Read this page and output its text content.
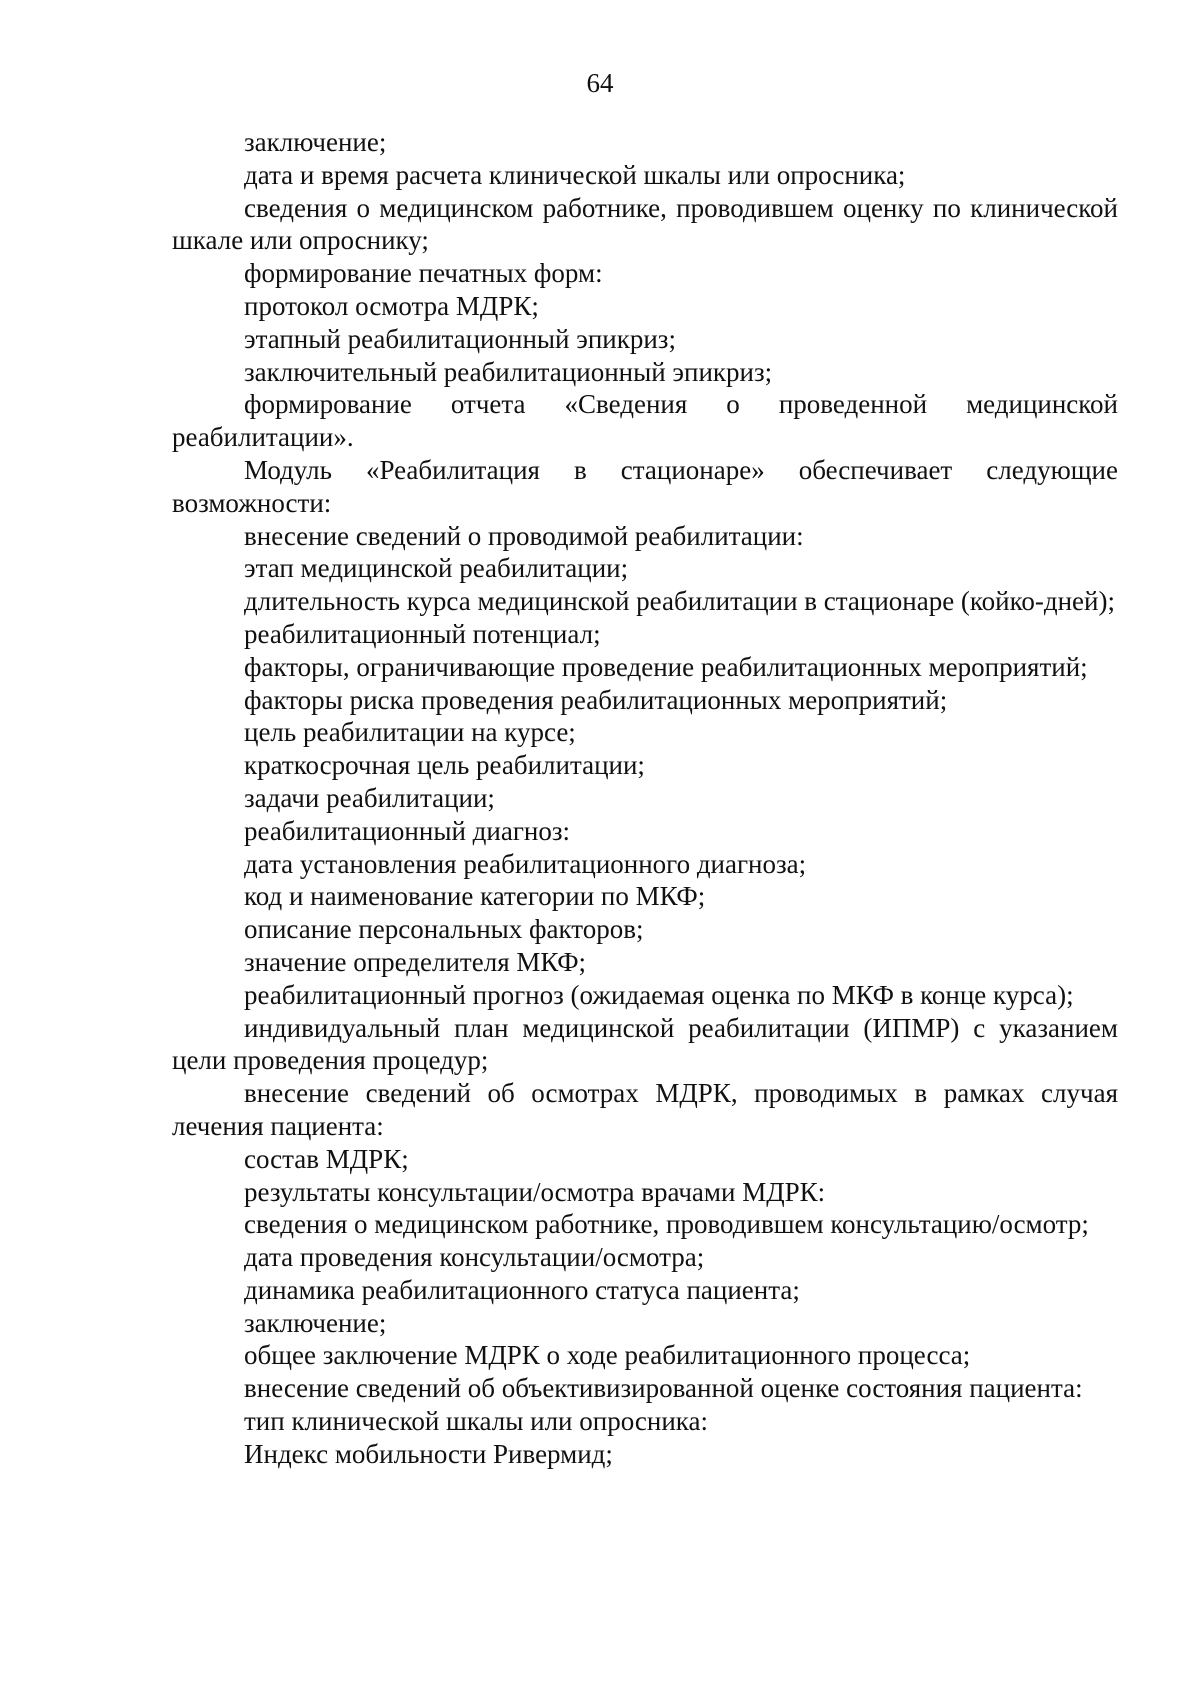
64

заключение;

дата и время расчета клинической шкалы или опросника;

сведения о медицинском работнике, проводившем оценку по клинической шкале или опроснику;

формирование печатных форм:

протокол осмотра МДРК;

этапный реабилитационный эпикриз;

заключительный реабилитационный эпикриз;

формирование отчета «Сведения о проведенной медицинской реабилитации».

Модуль «Реабилитация в стационаре» обеспечивает следующие возможности:

внесение сведений о проводимой реабилитации:

этап медицинской реабилитации;

длительность курса медицинской реабилитации в стационаре (койко-дней);

реабилитационный потенциал;

факторы, ограничивающие проведение реабилитационных мероприятий;

факторы риска проведения реабилитационных мероприятий;

цель реабилитации на курсе;

краткосрочная цель реабилитации;

задачи реабилитации;

реабилитационный диагноз:

дата установления реабилитационного диагноза;

код и наименование категории по МКФ;

описание персональных факторов;

значение определителя МКФ;

реабилитационный прогноз (ожидаемая оценка по МКФ в конце курса);

индивидуальный план медицинской реабилитации (ИПМР) с указанием цели проведения процедур;

внесение сведений об осмотрах МДРК, проводимых в рамках случая лечения пациента:

состав МДРК;

результаты консультации/осмотра врачами МДРК:

сведения о медицинском работнике, проводившем консультацию/осмотр;

дата проведения консультации/осмотра;

динамика реабилитационного статуса пациента;

заключение;

общее заключение МДРК о ходе реабилитационного процесса;

внесение сведений об объективизированной оценке состояния пациента:

тип клинической шкалы или опросника:

Индекс мобильности Ривермид;
